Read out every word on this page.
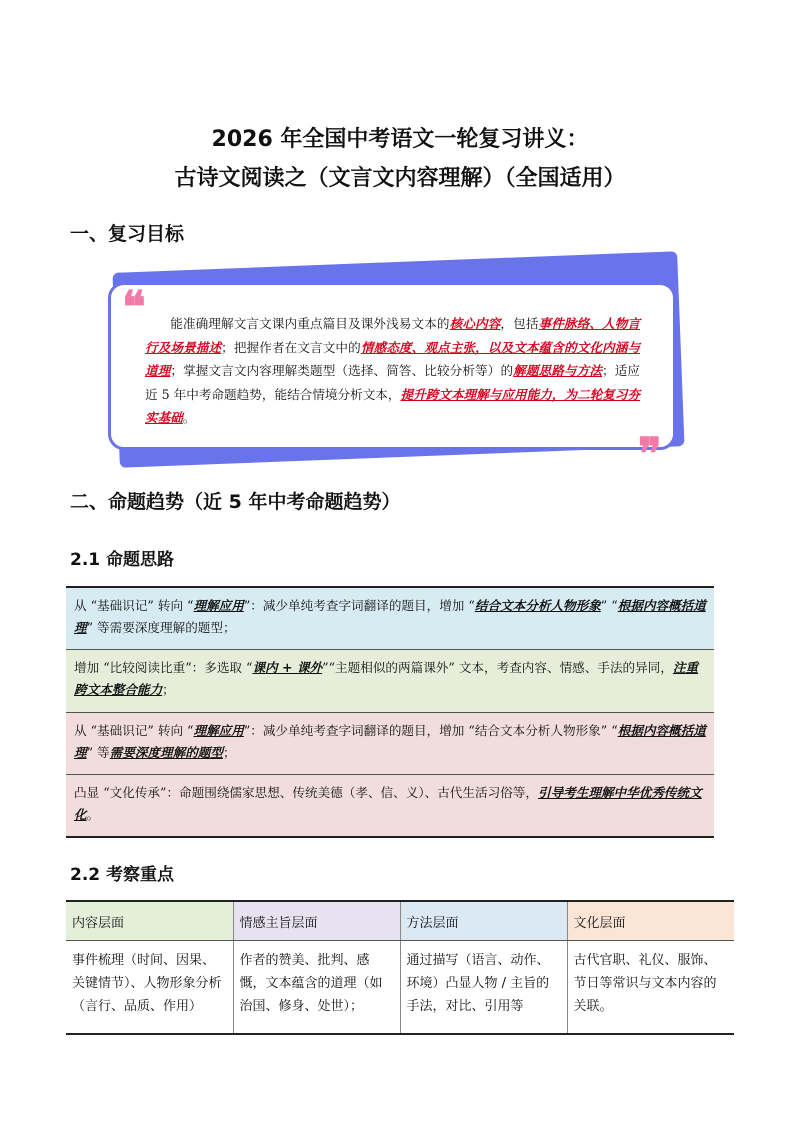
2026 年全国中考语文一轮复习讲义：
古诗文阅读之（文言文内容理解）（全国适用）
一、复习目标
❝
❞
能准确理解文言文课内重点篇目及课外浅易文本的核心内容，包括事件脉络、人物言行及场景描述；把握作者在文言文中的情感态度、观点主张，以及文本蕴含的文化内涵与道理；掌握文言文内容理解类题型（选择、简答、比较分析等）的解题思路与方法；适应近 5 年中考命题趋势，能结合情境分析文本，提升跨文本理解与应用能力，为二轮复习夯实基础。
二、命题趋势（近 5 年中考命题趋势）
2.1 命题思路
从 “基础识记” 转向 “理解应用”：减少单纯考查字词翻译的题目，增加 “结合文本分析人物形象” “根据内容概括道理” 等需要深度理解的题型；
增加 “比较阅读比重”：多选取 “课内 + 课外”“主题相似的两篇课外” 文本，考查内容、情感、手法的异同，注重跨文本整合能力；
从 “基础识记” 转向 “理解应用”：减少单纯考查字词翻译的题目，增加 “结合文本分析人物形象” “根据内容概括道理” 等需要深度理解的题型；
凸显 “文化传承”：命题围绕儒家思想、传统美德（孝、信、义）、古代生活习俗等，引导考生理解中华优秀传统文化。
2.2 考察重点
内容层面	情感主旨层面	方法层面	文化层面

事件梳理（时间、因果、关键情节）、人物形象分析（言行、品质、作用）	作者的赞美、批判、感慨，文本蕴含的道理（如治国、修身、处世）；	通过描写（语言、动作、环境）凸显人物 / 主旨的手法，对比、引用等	古代官职、礼仪、服饰、节日等常识与文本内容的关联。
